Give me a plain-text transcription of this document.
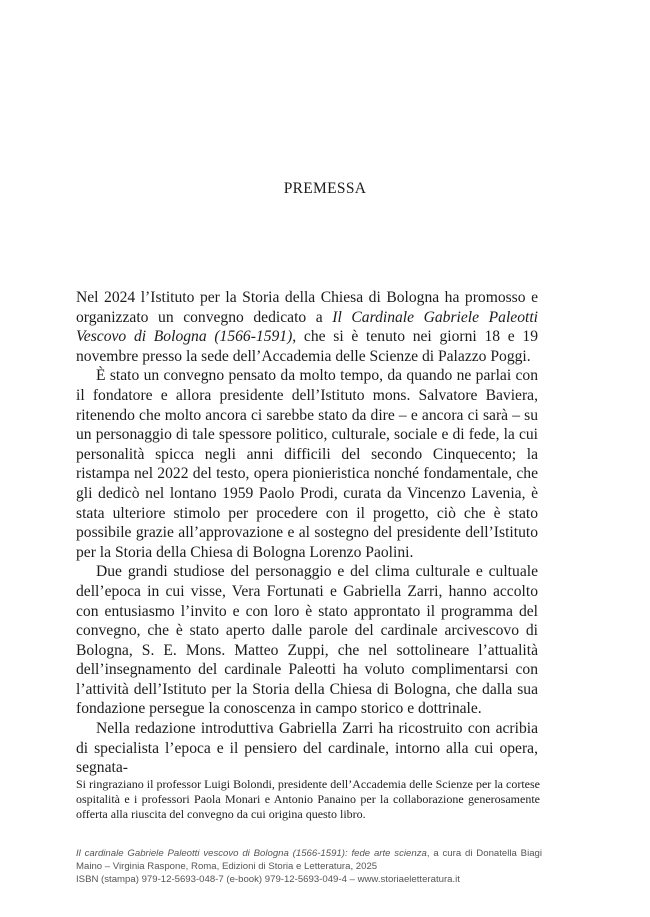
PREMESSA

Nel 2024 l’Istituto per la Storia della Chiesa di Bologna ha promosso e organizzato un convegno dedicato a Il Cardinale Gabriele Paleotti Vescovo di Bologna (1566-1591), che si è tenuto nei giorni 18 e 19 novembre presso la sede dell’Accademia delle Scienze di Palazzo Poggi.

È stato un convegno pensato da molto tempo, da quando ne parlai con il fondatore e allora presidente dell’Istituto mons. Salvatore Baviera, ritenendo che molto ancora ci sarebbe stato da dire – e ancora ci sarà – su un personaggio di tale spessore politico, culturale, sociale e di fede, la cui personalità spicca negli anni difficili del secondo Cinquecento; la ristampa nel 2022 del testo, opera pionieristica nonché fondamentale, che gli dedicò nel lontano 1959 Paolo Prodi, curata da Vincenzo Lavenia, è stata ulteriore stimolo per procedere con il progetto, ciò che è stato possibile grazie all’approvazione e al sostegno del presidente dell’Istituto per la Storia della Chiesa di Bologna Lorenzo Paolini.

Due grandi studiose del personaggio e del clima culturale e cultuale dell’epoca in cui visse, Vera Fortunati e Gabriella Zarri, hanno accolto con entusiasmo l’invito e con loro è stato approntato il programma del convegno, che è stato aperto dalle parole del cardinale arcivescovo di Bologna, S. E. Mons. Matteo Zuppi, che nel sottolineare l’attualità dell’insegnamento del cardinale Paleotti ha voluto complimentarsi con l’attività dell’Istituto per la Storia della Chiesa di Bologna, che dalla sua fondazione persegue la conoscenza in campo storico e dottrinale.

Nella redazione introduttiva Gabriella Zarri ha ricostruito con acribia di specialista l’epoca e il pensiero del cardinale, intorno alla cui opera, segnata-

Si ringraziano il professor Luigi Bolondi, presidente dell’Accademia delle Scienze per la cortese ospitalità e i professori Paola Monari e Antonio Panaino per la collaborazione generosamente offerta alla riuscita del convegno da cui origina questo libro.

Il cardinale Gabriele Paleotti vescovo di Bologna (1566-1591): fede arte scienza, a cura di Donatella Biagi Maino – Virginia Raspone, Roma, Edizioni di Storia e Letteratura, 2025

ISBN (stampa) 979-12-5693-048-7 (e-book) 979-12-5693-049-4 – www.storiaeletteratura.it
